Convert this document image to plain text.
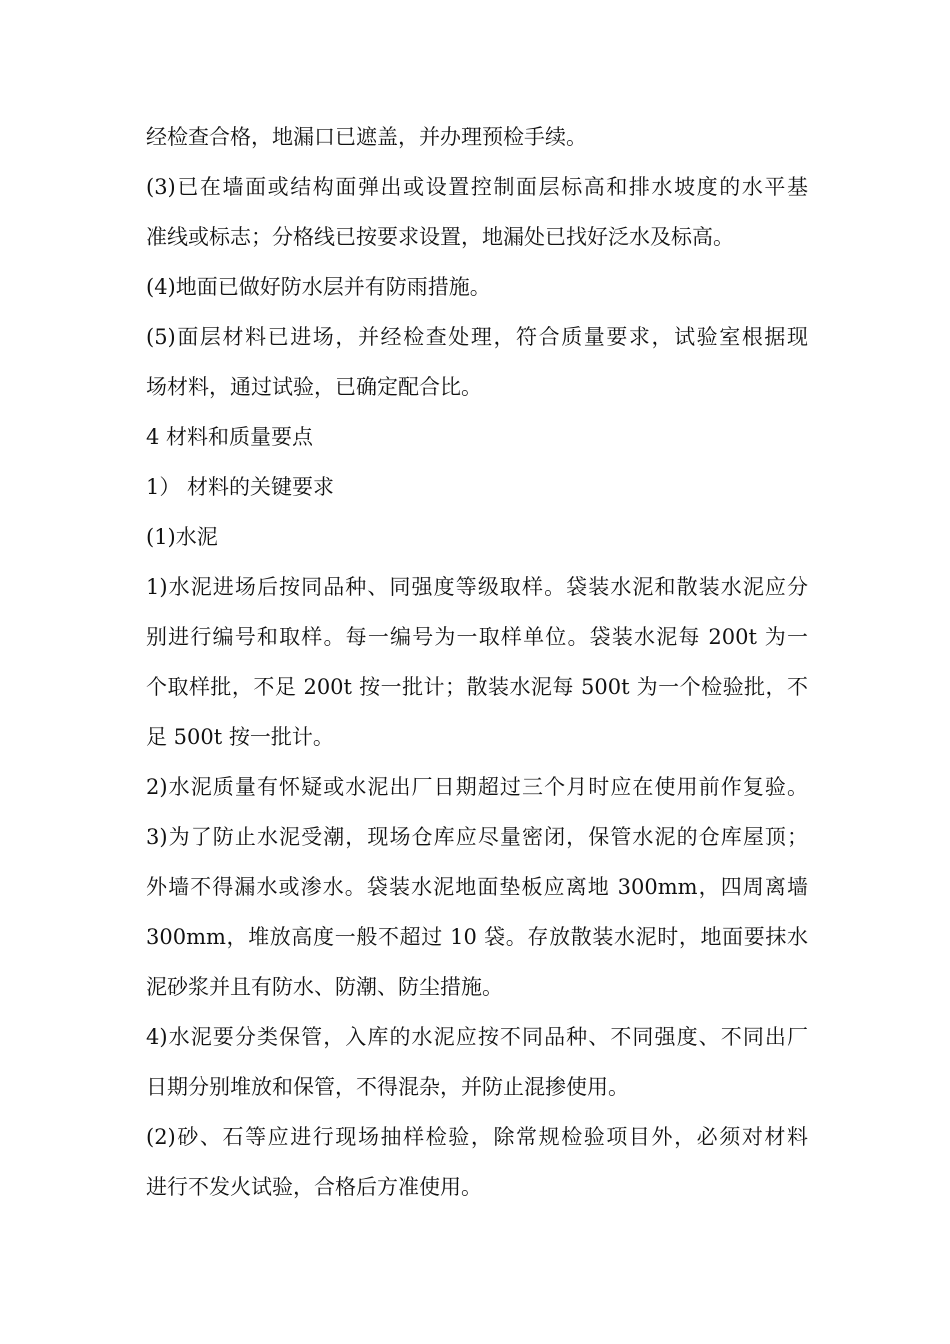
经检查合格，地漏口已遮盖，并办理预检手续。

(3)已在墙面或结构面弹出或设置控制面层标高和排水坡度的水平基

准线或标志；分格线已按要求设置，地漏处已找好泛水及标高。

(4)地面已做好防水层并有防雨措施。

(5)面层材料已进场，并经检查处理，符合质量要求，试验室根据现

场材料，通过试验，已确定配合比。

4 材料和质量要点

1） 材料的关键要求

(1)水泥

1)水泥进场后按同品种、同强度等级取样。袋装水泥和散装水泥应分

别进行编号和取样。每一编号为一取样单位。袋装水泥每 200t 为一

个取样批，不足 200t 按一批计；散装水泥每 500t 为一个检验批，不

足 500t 按一批计。

2)水泥质量有怀疑或水泥出厂日期超过三个月时应在使用前作复验。

3)为了防止水泥受潮，现场仓库应尽量密闭，保管水泥的仓库屋顶；

外墙不得漏水或渗水。袋装水泥地面垫板应离地 300mm，四周离墙

300mm，堆放高度一般不超过 10 袋。存放散装水泥时，地面要抹水

泥砂浆并且有防水、防潮、防尘措施。

4)水泥要分类保管，入库的水泥应按不同品种、不同强度、不同出厂

日期分别堆放和保管，不得混杂，并防止混掺使用。

(2)砂、石等应进行现场抽样检验，除常规检验项目外，必须对材料

进行不发火试验，合格后方准使用。
